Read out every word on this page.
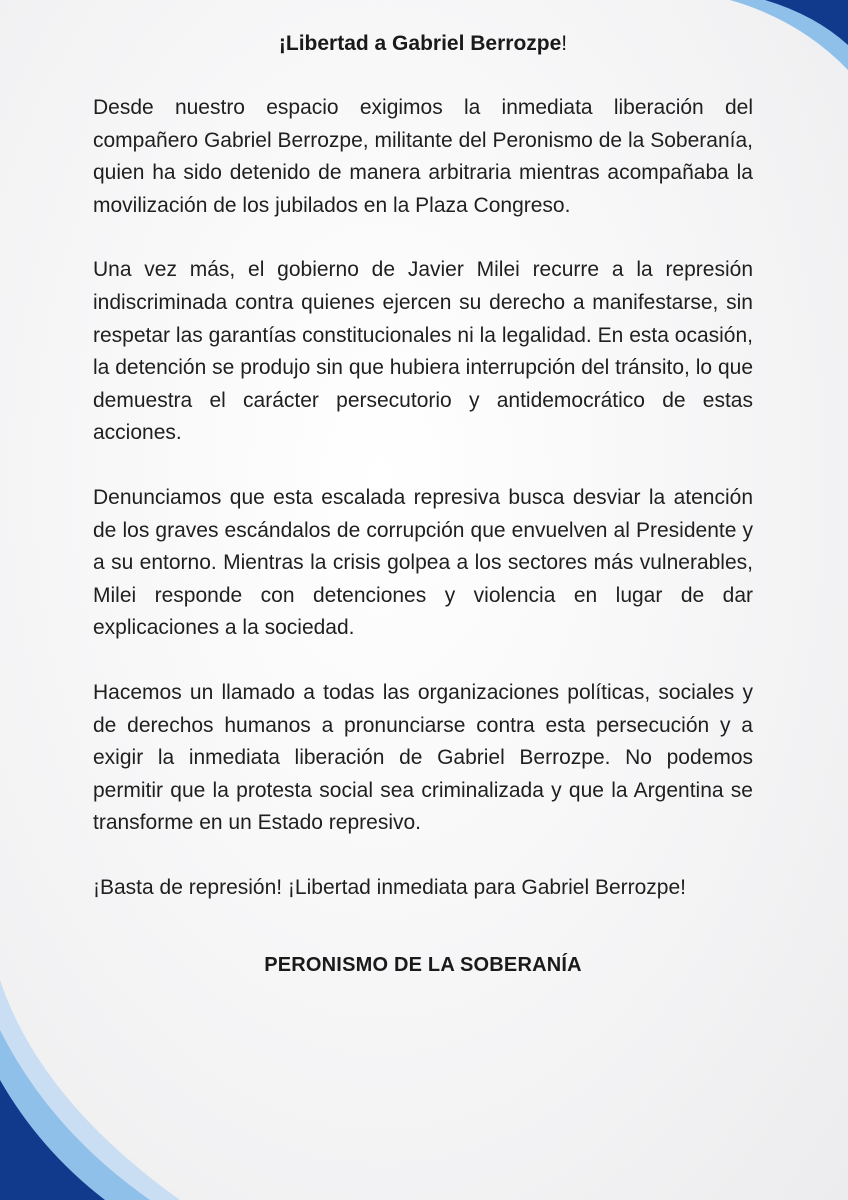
¡Libertad a Gabriel Berrozpe!

Desde nuestro espacio exigimos la inmediata liberación del compañero Gabriel Berrozpe, militante del Peronismo de la Soberanía, quien ha sido detenido de manera arbitraria mientras acompañaba la movilización de los jubilados en la Plaza Congreso.

Una vez más, el gobierno de Javier Milei recurre a la represión indiscriminada contra quienes ejercen su derecho a manifestarse, sin respetar las garantías constitucionales ni la legalidad. En esta ocasión, la detención se produjo sin que hubiera interrupción del tránsito, lo que demuestra el carácter persecutorio y antidemocrático de estas acciones.

Denunciamos que esta escalada represiva busca desviar la atención de los graves escándalos de corrupción que envuelven al Presidente y a su entorno. Mientras la crisis golpea a los sectores más vulnerables, Milei responde con detenciones y violencia en lugar de dar explicaciones a la sociedad.

Hacemos un llamado a todas las organizaciones políticas, sociales y de derechos humanos a pronunciarse contra esta persecución y a exigir la inmediata liberación de Gabriel Berrozpe. No podemos permitir que la protesta social sea criminalizada y que la Argentina se transforme en un Estado represivo.

¡Basta de represión! ¡Libertad inmediata para Gabriel Berrozpe!

PERONISMO DE LA SOBERANÍA
